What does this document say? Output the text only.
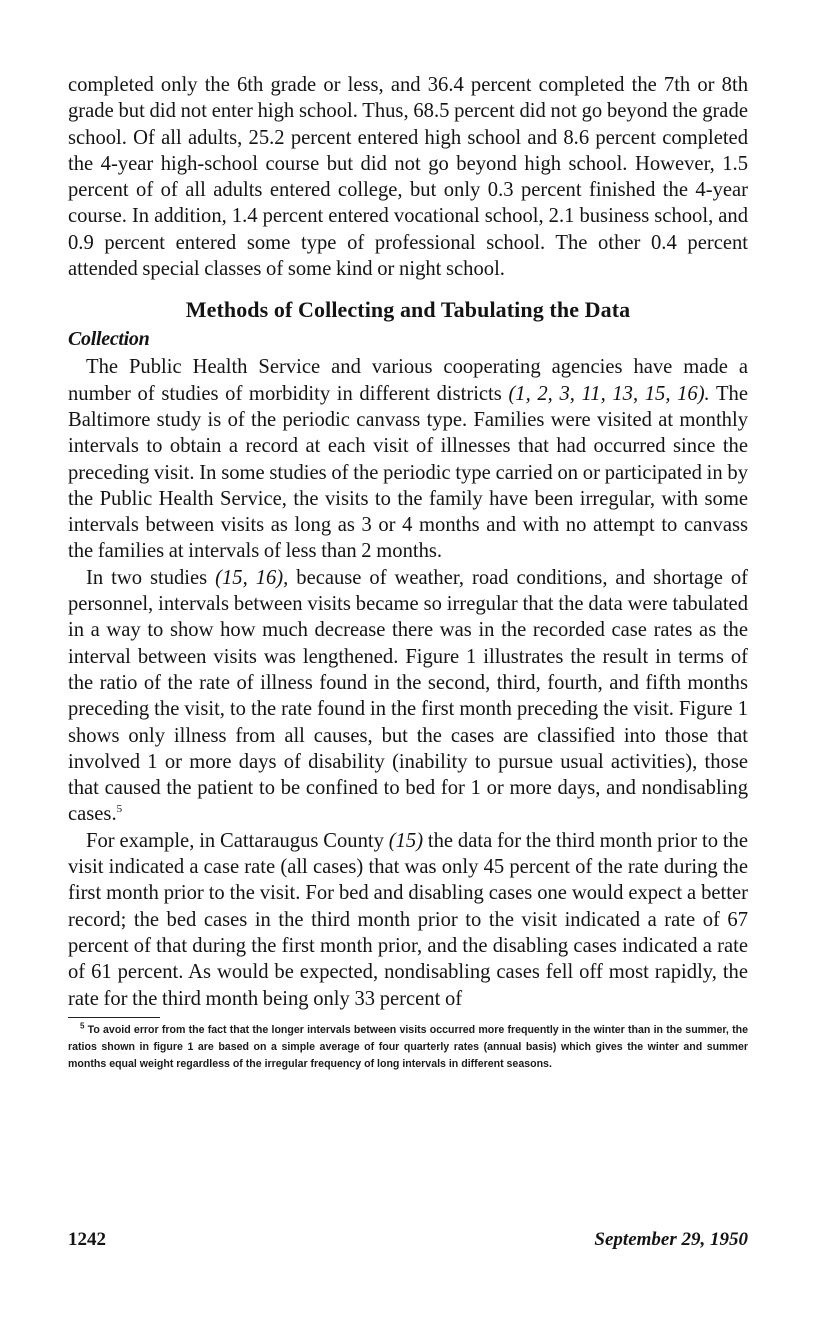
completed only the 6th grade or less, and 36.4 percent completed the 7th or 8th grade but did not enter high school. Thus, 68.5 percent did not go beyond the grade school. Of all adults, 25.2 percent entered high school and 8.6 percent completed the 4-year high-school course but did not go beyond high school. However, 1.5 percent of of all adults entered college, but only 0.3 percent finished the 4-year course. In addition, 1.4 percent entered vocational school, 2.1 business school, and 0.9 percent entered some type of professional school. The other 0.4 percent attended special classes of some kind or night school.

Methods of Collecting and Tabulating the Data
Collection

The Public Health Service and various cooperating agencies have made a number of studies of morbidity in different districts (1, 2, 3, 11, 13, 15, 16). The Baltimore study is of the periodic canvass type. Families were visited at monthly intervals to obtain a record at each visit of illnesses that had occurred since the preceding visit. In some studies of the periodic type carried on or participated in by the Public Health Service, the visits to the family have been irregular, with some intervals between visits as long as 3 or 4 months and with no attempt to canvass the families at intervals of less than 2 months.

In two studies (15, 16), because of weather, road conditions, and shortage of personnel, intervals between visits became so irregular that the data were tabulated in a way to show how much decrease there was in the recorded case rates as the interval between visits was lengthened. Figure 1 illustrates the result in terms of the ratio of the rate of illness found in the second, third, fourth, and fifth months preceding the visit, to the rate found in the first month preceding the visit. Figure 1 shows only illness from all causes, but the cases are classified into those that involved 1 or more days of disability (inability to pursue usual activities), those that caused the patient to be confined to bed for 1 or more days, and nondisabling cases.$^5$

For example, in Cattaraugus County (15) the data for the third month prior to the visit indicated a case rate (all cases) that was only 45 percent of the rate during the first month prior to the visit. For bed and disabling cases one would expect a better record; the bed cases in the third month prior to the visit indicated a rate of 67 percent of that during the first month prior, and the disabling cases indicated a rate of 61 percent. As would be expected, nondisabling cases fell off most rapidly, the rate for the third month being only 33 percent of

$^5$ To avoid error from the fact that the longer intervals between visits occurred more frequently in the winter than in the summer, the ratios shown in figure 1 are based on a simple average of four quarterly rates (annual basis) which gives the winter and summer months equal weight regardless of the irregular frequency of long intervals in different seasons.

1242	September 29, 1950
